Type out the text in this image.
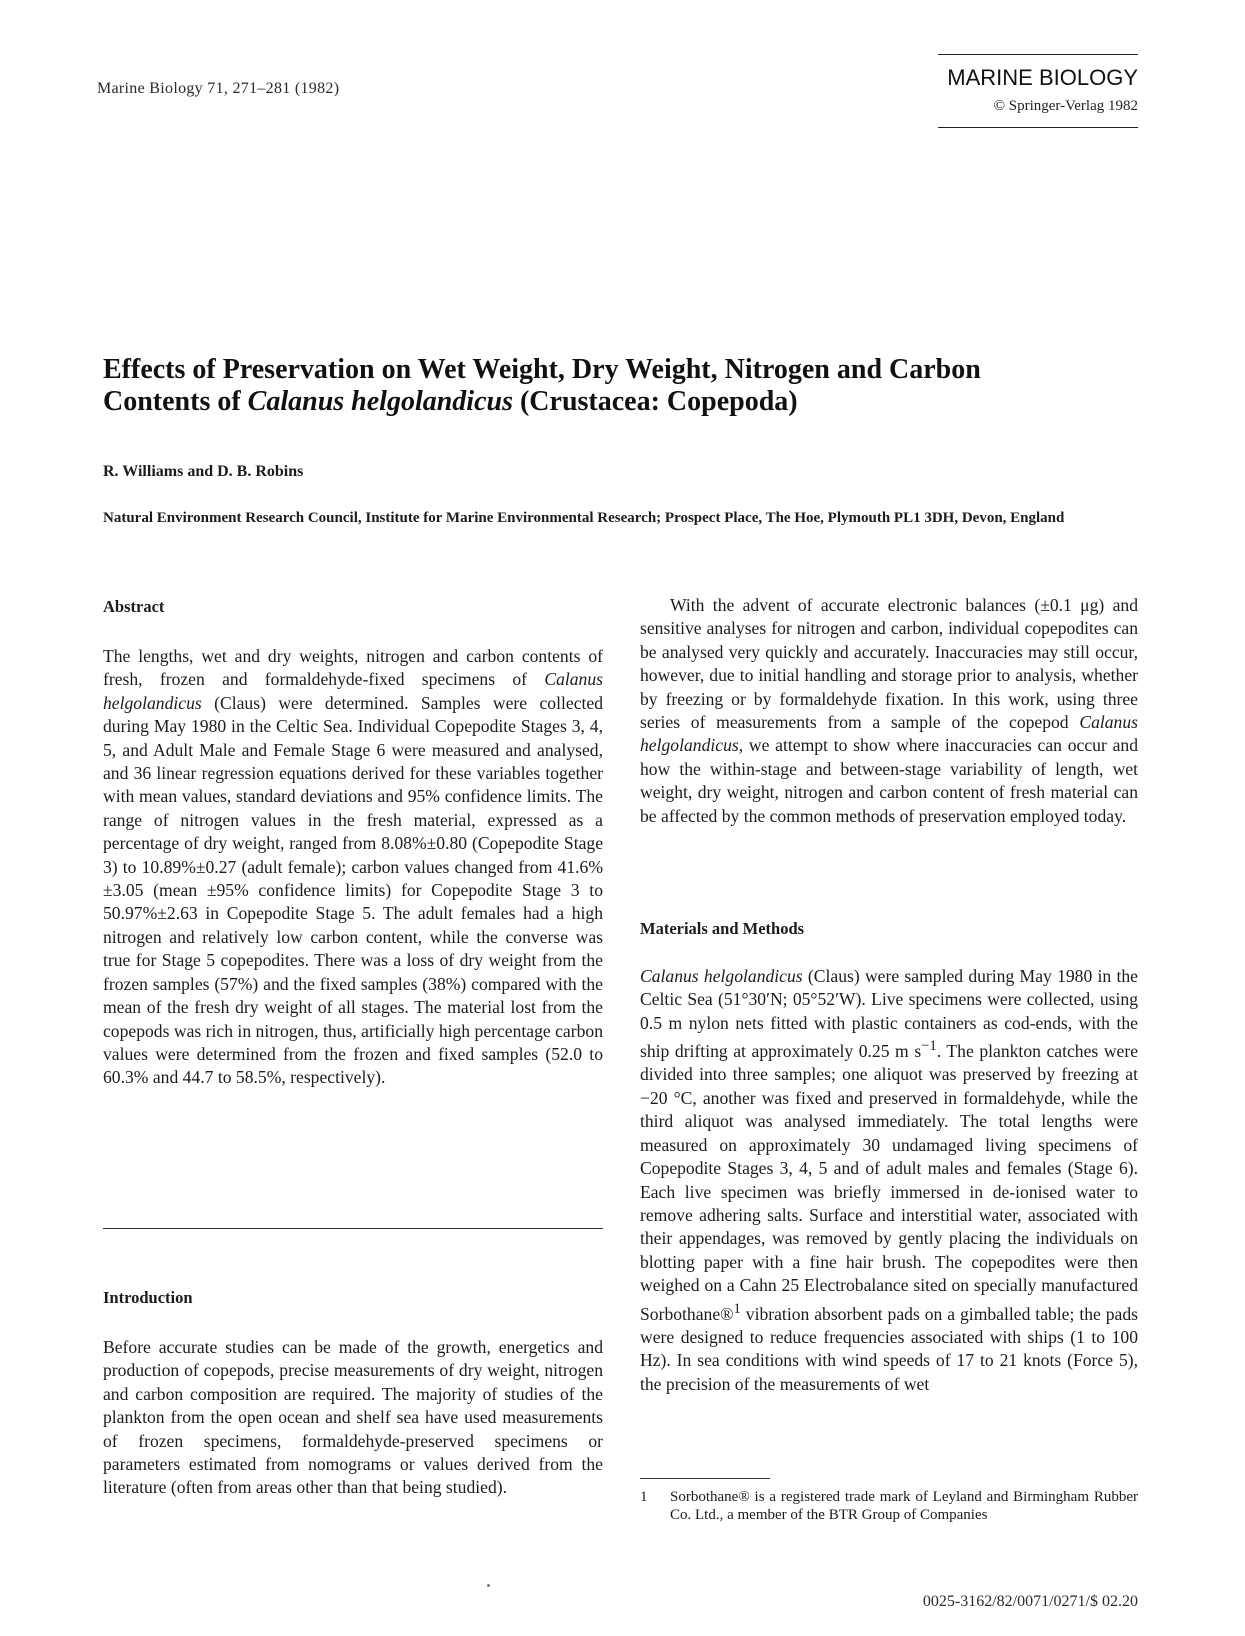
Marine Biology 71, 271–281 (1982)	MARINE BIOLOGY
© Springer-Verlag 1982
Effects of Preservation on Wet Weight, Dry Weight, Nitrogen and Carbon
Contents of Calanus helgolandicus (Crustacea: Copepoda)
R. Williams and D. B. Robins
Natural Environment Research Council, Institute for Marine Environmental Research; Prospect Place, The Hoe, Plymouth PL1 3DH, Devon, England
Abstract

The lengths, wet and dry weights, nitrogen and carbon contents of fresh, frozen and formaldehyde-fixed specimens of Calanus helgolandicus (Claus) were determined. Samples were collected during May 1980 in the Celtic Sea. Individual Copepodite Stages 3, 4, 5, and Adult Male and Female Stage 6 were measured and analysed, and 36 linear regression equations derived for these variables together with mean values, standard deviations and 95% confidence limits. The range of nitrogen values in the fresh material, expressed as a percentage of dry weight, ranged from 8.08%±0.80 (Copepodite Stage 3) to 10.89%±0.27 (adult female); carbon values changed from 41.6%±3.05 (mean ±95% confidence limits) for Copepodite Stage 3 to 50.97%±2.63 in Copepodite Stage 5. The adult females had a high nitrogen and relatively low carbon content, while the converse was true for Stage 5 copepodites. There was a loss of dry weight from the frozen samples (57%) and the fixed samples (38%) compared with the mean of the fresh dry weight of all stages. The material lost from the copepods was rich in nitrogen, thus, artificially high percentage carbon values were determined from the frozen and fixed samples (52.0 to 60.3% and 44.7 to 58.5%, respectively).

Introduction

Before accurate studies can be made of the growth, energetics and production of copepods, precise measurements of dry weight, nitrogen and carbon composition are required. The majority of studies of the plankton from the open ocean and shelf sea have used measurements of frozen specimens, formaldehyde-preserved specimens or parameters estimated from nomograms or values derived from the literature (often from areas other than that being studied).

With the advent of accurate electronic balances (±0.1 μg) and sensitive analyses for nitrogen and carbon, individual copepodites can be analysed very quickly and accurately. Inaccuracies may still occur, however, due to initial handling and storage prior to analysis, whether by freezing or by formaldehyde fixation. In this work, using three series of measurements from a sample of the copepod Calanus helgolandicus, we attempt to show where inaccuracies can occur and how the within-stage and between-stage variability of length, wet weight, dry weight, nitrogen and carbon content of fresh material can be affected by the common methods of preservation employed today.

Materials and Methods

Calanus helgolandicus (Claus) were sampled during May 1980 in the Celtic Sea (51°30′N; 05°52′W). Live specimens were collected, using 0.5 m nylon nets fitted with plastic containers as cod-ends, with the ship drifting at approximately 0.25 m $s^{-1}$. The plankton catches were divided into three samples; one aliquot was preserved by freezing at −20 °C, another was fixed and preserved in formaldehyde, while the third aliquot was analysed immediately. The total lengths were measured on approximately 30 undamaged living specimens of Copepodite Stages 3, 4, 5 and of adult males and females (Stage 6). Each live specimen was briefly immersed in de-ionised water to remove adhering salts. Surface and interstitial water, associated with their appendages, was removed by gently placing the individuals on blotting paper with a fine hair brush. The copepodites were then weighed on a Cahn 25 Electrobalance sited on specially manufactured Sorbothane®$^1$ vibration absorbent pads on a gimballed table; the pads were designed to reduce frequencies associated with ships (1 to 100 Hz). In sea conditions with wind speeds of 17 to 21 knots (Force 5), the precision of the measurements of wet

1 Sorbothane® is a registered trade mark of Leyland and Birmingham Rubber Co. Ltd., a member of the BTR Group of Companies
0025-3162/82/0071/0271/$ 02.20
